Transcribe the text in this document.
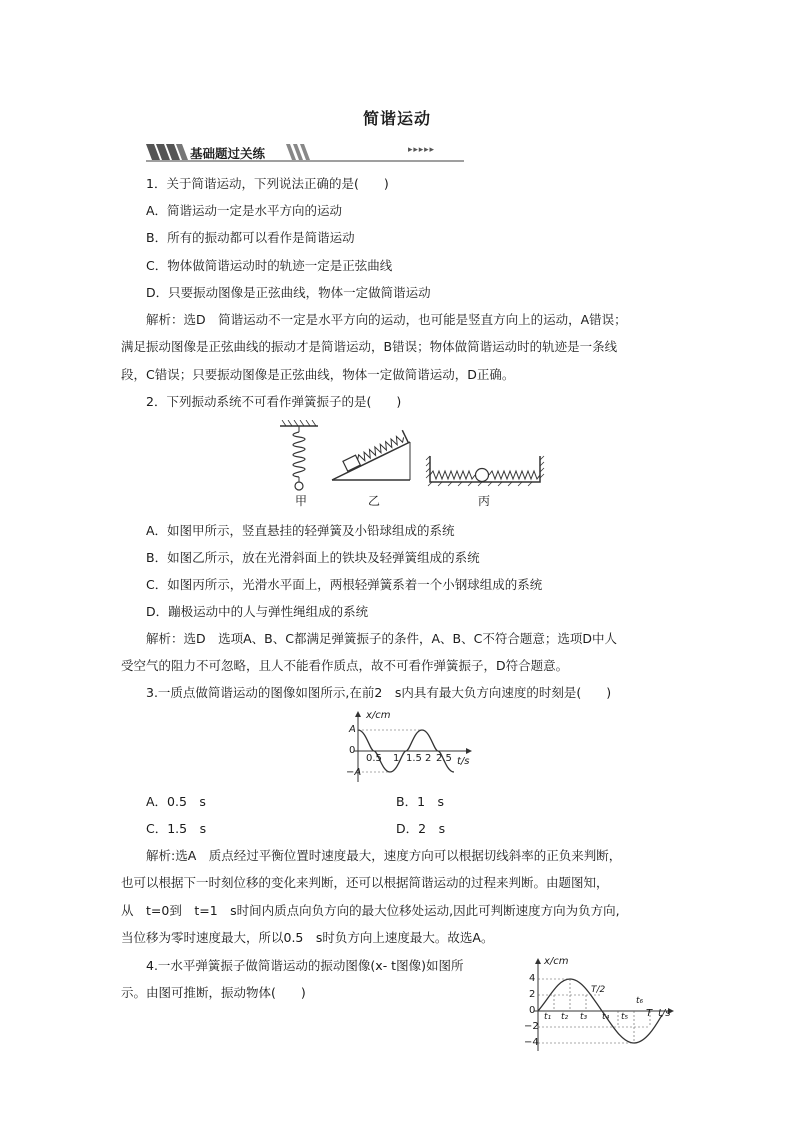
简谐运动
基础题过关练	▸ ▸ ▸ ▸ ▸
1．关于简谐运动，下列说法正确的是(　　)
A．简谐运动一定是水平方向的运动
B．所有的振动都可以看作是简谐运动
C．物体做简谐运动时的轨迹一定是正弦曲线
D．只要振动图像是正弦曲线，物体一定做简谐运动
解析：选D　简谐运动不一定是水平方向的运动，也可能是竖直方向上的运动，A错误；
满足振动图像是正弦曲线的振动才是简谐运动，B错误；物体做简谐运动时的轨迹是一条线
段，C错误；只要振动图像是正弦曲线，物体一定做简谐运动，D正确。
2．下列振动系统不可看作弹簧振子的是(　　)
甲	乙	丙
A．如图甲所示，竖直悬挂的轻弹簧及小铅球组成的系统
B．如图乙所示，放在光滑斜面上的铁块及轻弹簧组成的系统
C．如图丙所示，光滑水平面上，两根轻弹簧系着一个小钢球组成的系统
D．蹦极运动中的人与弹性绳组成的系统
解析：选D　选项A、B、C都满足弹簧振子的条件，A、B、C不符合题意；选项D中人
受空气的阻力不可忽略，且人不能看作质点，故不可看作弹簧振子，D符合题意。
3.一质点做简谐运动的图像如图所示,在前2　s内具有最大负方向速度的时刻是(　　)
x/cm
A
0
−A
0.5 1 1.5 2 2.5 t/s
A．0.5　s	B．1　s
C．1.5　s	D．2　s
解析:选A　质点经过平衡位置时速度最大，速度方向可以根据切线斜率的正负来判断，
也可以根据下一时刻位移的变化来判断，还可以根据简谐运动的过程来判断。由题图知，
从　t=0到　t=1　s时间内质点向负方向的最大位移处运动,因此可判断速度方向为负方向,
当位移为零时速度最大，所以0.5　s时负方向上速度最大。故选A。
4.一水平弹簧振子做简谐运动的振动图像(x- t图像)如图所
示。由图可推断，振动物体(　　)
x/cm
4
2
0
−2
−4
t₁ t₂ t₃ t₄ t₅ T
T/2
t₆
t/s
